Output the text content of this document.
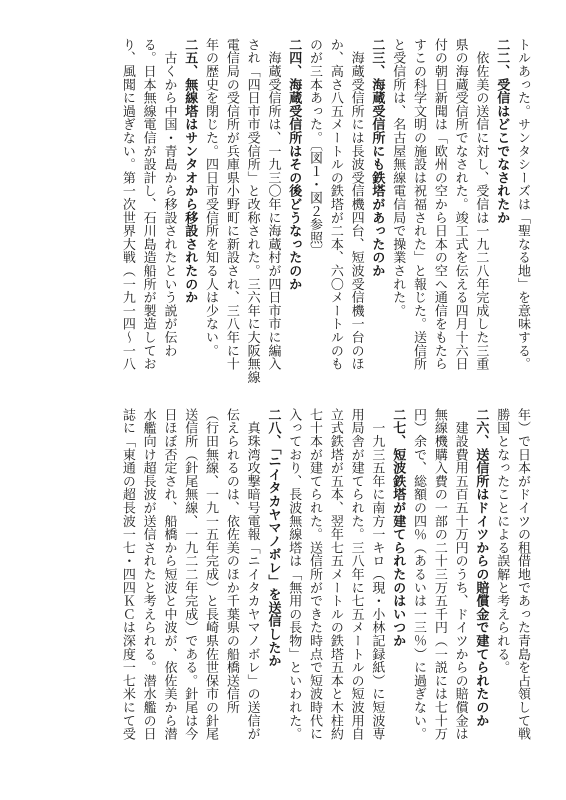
トルあった。サンタシーズは「聖なる地」を意味する。
二二、受信はどこでなされたか
　依佐美の送信に対し、受信は一九二八年完成した三重
県の海蔵受信所でなされた。竣工式を伝える四月十六日
付の朝日新聞は「欧州の空から日本の空へ通信をもたら
すこの科学文明の施設は祝福された」と報じた。送信所
と受信所は、名古屋無線電信局で操業された。
二三、海蔵受信所にも鉄塔があったのか
　海蔵受信所には長波受信機四台、短波受信機一台のほ
か、高さ八五メートルの鉄塔が二本、六〇メートルのも
のが三本あった。〔図１・図２参照〕
二四、海蔵受信所はその後どうなったのか
　海蔵受信所は、一九三〇年に海蔵村が四日市市に編入
され「四日市市受信所」と改称された。三六年に大阪無線
電信局の受信所が兵庫県小野町に新設され、三八年に十
年の歴史を閉じた。四日市受信所を知る人は少ない。
二五、無線塔はサンタオから移設されたのか
　古くから中国・青島から移設されたという説が伝わ
る。日本無線電信が設計し、石川島造船所が製造してお
り、風聞に過ぎない。第一次世界大戦（一九一四〜一八
年）で日本がドイツの租借地であった青島を占領して戦
勝国となったことによる誤解と考えられる。
二六、送信所はドイツからの賠償金で建てられたのか
　建設費用五百五十万円のうち、ドイツからの賠償金は
無線機購入費の一部の二十三万五千円（一説には七十万
円）余で、総額の四％（あるいは一三％）に過ぎない。
二七、短波鉄塔が建てられたのはいつか
　一九三五年に南方一キロ（現・小林記録紙）に短波専
用局舎が建てられた。三八年に七五メートルの短波用自
立式鉄塔が五本、翌年七五メートルの鉄塔五本と木柱約
七十本が建てられた。送信所ができた時点で短波時代に
入っており、長波無線塔は「無用の長物」といわれた。
二八、「ニイタカヤマノボレ」を送信したか
　真珠湾攻撃暗号電報「ニイタカヤマノボレ」の送信が
伝えられるのは、依佐美のほか千葉県の船橋送信所
（行田無線、一九一五年完成）と長崎県佐世保市の針尾
送信所（針尾無線、一九二二年完成）である。針尾は今
日ほぼ否定され、船橋から短波と中波が、依佐美から潜
水艦向け超長波が送信されたと考えられる。潜水艦の日
誌に「東通の超長波一七・四四ＫＣは深度一七米にて受
